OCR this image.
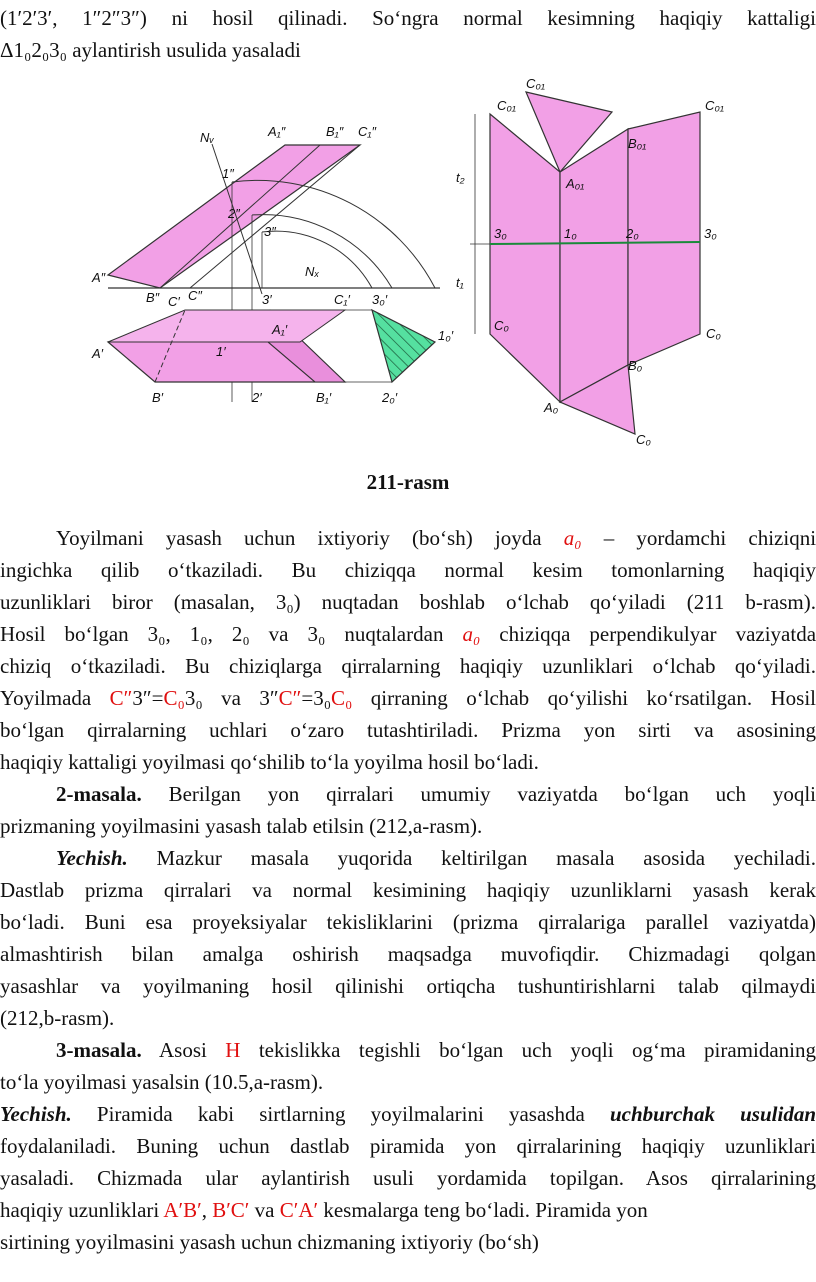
(1′2′3′, 1″2″3″) ni hosil qilinadi. So‘ngra normal kesimning haqiqiy kattaligi
Δ1₀2₀3₀ aylantirish usulida yasaladi
Nᵥ	A₁″	B₁″ C₁″
1″
2″
3″
Nₓ
A″
B″ C′ C″	3′	C₁′ 3₀′
1₀′
A₁′
A′	1′
B′	2′	B₁′	2₀′
C₀₁
C₀₁
C₀₁
B₀₁
A₀₁
t₂
t₁
3₀	1₀	2₀	3₀
C₀
C₀
B₀
A₀
C₀
211-rasm
Yoyilmani yasash uchun ixtiyoriy (bo‘sh) joyda a₀ – yordamchi chiziqni
ingichka qilib o‘tkaziladi. Bu chiziqqa normal kesim tomonlarning haqiqiy
uzunliklari biror (masalan, 3₀) nuqtadan boshlab o‘lchab qo‘yiladi (211 b-rasm).
Hosil bo‘lgan 3₀, 1₀, 2₀ va 3₀ nuqtalardan a₀ chiziqqa perpendikulyar vaziyatda
chiziq o‘tkaziladi. Bu chiziqlarga qirralarning haqiqiy uzunliklari o‘lchab qo‘yiladi.
Yoyilmada C″3″=C₀3₀ va 3″C″=3₀C₀ qirraning o‘lchab qo‘yilishi ko‘rsatilgan. Hosil
bo‘lgan qirralarning uchlari o‘zaro tutashtiriladi. Prizma yon sirti va asosining
haqiqiy kattaligi yoyilmasi qo‘shilib to‘la yoyilma hosil bo‘ladi.
2-masala. Berilgan yon qirralari umumiy vaziyatda bo‘lgan uch yoqli
prizmaning yoyilmasini yasash talab etilsin (212,a-rasm).
Yechish. Mazkur masala yuqorida keltirilgan masala asosida yechiladi.
Dastlab prizma qirralari va normal kesimining haqiqiy uzunliklarni yasash kerak
bo‘ladi. Buni esa proyeksiyalar tekisliklarini (prizma qirralariga parallel vaziyatda)
almashtirish bilan amalga oshirish maqsadga muvofiqdir. Chizmadagi qolgan
yasashlar va yoyilmaning hosil qilinishi ortiqcha tushuntirishlarni talab qilmaydi
(212,b-rasm).
3-masala. Asosi H tekislikka tegishli bo‘lgan uch yoqli og‘ma piramidaning
to‘la yoyilmasi yasalsin (10.5,a-rasm).
Yechish. Piramida kabi sirtlarning yoyilmalarini yasashda uchburchak usulidan
foydalaniladi. Buning uchun dastlab piramida yon qirralarining haqiqiy uzunliklari
yasaladi. Chizmada ular aylantirish usuli yordamida topilgan. Asos qirralarining
haqiqiy uzunliklari A′B′, B′C′ va C′A′ kesmalarga teng bo‘ladi. Piramida yon
sirtining yoyilmasini yasash uchun chizmaning ixtiyoriy (bo‘sh)
